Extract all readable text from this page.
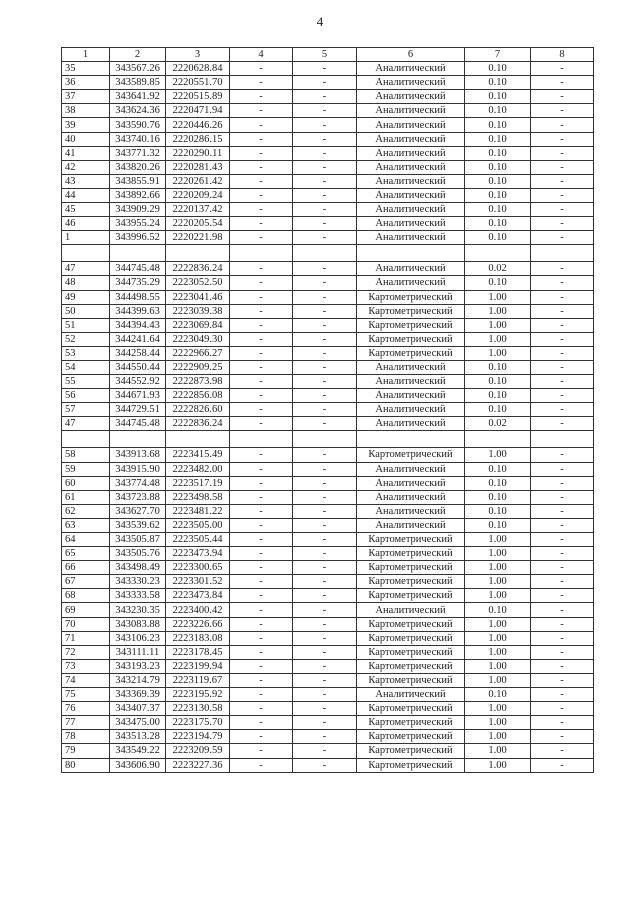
4
1	2	3	4	5	6	7	8
35	343567.26	2220628.84	-	-	Аналитический	0.10	-
36	343589.85	2220551.70	-	-	Аналитический	0.10	-
37	343641.92	2220515.89	-	-	Аналитический	0.10	-
38	343624.36	2220471.94	-	-	Аналитический	0.10	-
39	343590.76	2220446.26	-	-	Аналитический	0.10	-
40	343740.16	2220286.15	-	-	Аналитический	0.10	-
41	343771.32	2220290.11	-	-	Аналитический	0.10	-
42	343820.26	2220281.43	-	-	Аналитический	0.10	-
43	343855.91	2220261.42	-	-	Аналитический	0.10	-
44	343892.66	2220209.24	-	-	Аналитический	0.10	-
45	343909.29	2220137.42	-	-	Аналитический	0.10	-
46	343955.24	2220205.54	-	-	Аналитический	0.10	-
1	343996.52	2220221.98	-	-	Аналитический	0.10	-

47	344745.48	2222836.24	-	-	Аналитический	0.02	-
48	344735.29	2223052.50	-	-	Аналитический	0.10	-
49	344498.55	2223041.46	-	-	Картометрический	1.00	-
50	344399.63	2223039.38	-	-	Картометрический	1.00	-
51	344394.43	2223069.84	-	-	Картометрический	1.00	-
52	344241.64	2223049.30	-	-	Картометрический	1.00	-
53	344258.44	2222966.27	-	-	Картометрический	1.00	-
54	344550.44	2222909.25	-	-	Аналитический	0.10	-
55	344552.92	2222873.98	-	-	Аналитический	0.10	-
56	344671.93	2222856.08	-	-	Аналитический	0.10	-
57	344729.51	2222826.60	-	-	Аналитический	0.10	-
47	344745.48	2222836.24	-	-	Аналитический	0.02	-

58	343913.68	2223415.49	-	-	Картометрический	1.00	-
59	343915.90	2223482.00	-	-	Аналитический	0.10	-
60	343774.48	2223517.19	-	-	Аналитический	0.10	-
61	343723.88	2223498.58	-	-	Аналитический	0.10	-
62	343627.70	2223481.22	-	-	Аналитический	0.10	-
63	343539.62	2223505.00	-	-	Аналитический	0.10	-
64	343505.87	2223505.44	-	-	Картометрический	1.00	-
65	343505.76	2223473.94	-	-	Картометрический	1.00	-
66	343498.49	2223300.65	-	-	Картометрический	1.00	-
67	343330.23	2223301.52	-	-	Картометрический	1.00	-
68	343333.58	2223473.84	-	-	Картометрический	1.00	-
69	343230.35	2223400.42	-	-	Аналитический	0.10	-
70	343083.88	2223226.66	-	-	Картометрический	1.00	-
71	343106.23	2223183.08	-	-	Картометрический	1.00	-
72	343111.11	2223178.45	-	-	Картометрический	1.00	-
73	343193.23	2223199.94	-	-	Картометрический	1.00	-
74	343214.79	2223119.67	-	-	Картометрический	1.00	-
75	343369.39	2223195.92	-	-	Аналитический	0.10	-
76	343407.37	2223130.58	-	-	Картометрический	1.00	-
77	343475.00	2223175.70	-	-	Картометрический	1.00	-
78	343513.28	2223194.79	-	-	Картометрический	1.00	-
79	343549.22	2223209.59	-	-	Картометрический	1.00	-
80	343606.90	2223227.36	-	-	Картометрический	1.00	-
